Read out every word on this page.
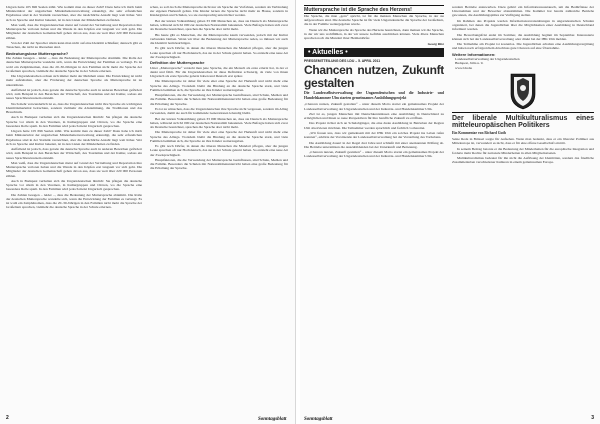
Ungarn hatte 105 696 Seelen zählt. Wie kommt man zu dieser Zahl? Dazu habe ich mich beim Ministerialrat der ungarischen Minderheitenverwaltung erkundigt, die sehr erfreulichen Ergebnisse sind in der Statistik verzeichnet, aber die tatsächliche Anzahl liegt weit höher. Wer sich zu Sprache und Kultur bekennt, ist in den Listen der Minderheiten zu finden.

Man weiß, dass die Ungarndeutschen meist auf Grund der Vertreibung und Deportation ihre Muttersprache verloren haben und die Wende in den Köpfen erst langsam vor sich geht. Die Mitglieder der deutschen Gemeinschaft gehen davon aus, dass sie weit über 220 000 Personen zählen.

Von der Zahl der Sprecher allein kann man nicht auf eine Identität schließen; dennoch gibt es Tatsachen, die nicht zu übersehen sind.

Bedeutungslose Muttersprache?

Die Zahlen besagen – leider –, dass die Bedeutung der Muttersprache abnimmt. Die Rolle der deutschen Muttersprache wandelte sich, wenn die Entwicklung der Familien es verlangt. Es ist wohl ein Zeitphänomen, dass die 20–30-Jährigen in den Familien nicht mehr die Sprache der Großeltern sprechen, vielmehr die deutsche Sprache in der Schule erlernen.

Die Ungarndeutschen ordnen sich immer mehr der Mehrheit unter. Die Entwicklung ist nicht mehr aufzuhalten, aber die Förderung der deutschen Sprache als Muttersprache ist zu unterstützen.

Auffallend ist jedoch, dass gerade die deutsche Sprache auch in anderen Bereichen gefördert wird, zum Beispiel in den Bereichen der Wirtschaft, des Tourismus und der Kultur, sodass ein neues Sprachbewusstsein entsteht.

Noch mehr verwunderlich ist es, dass die Ungarndeutschen nicht ihre Sprache als wichtigstes Identitätsmerkmal betrachten, sondern vielmehr die Abstammung, die Traditionen und das Brauchtum.

Auch in Budapest verhalten sich die Ungarndeutschen ähnlich: Sie pflegen die deutsche Sprache vor allem in den Vereinen, in Kulturgruppen und Chören, wo die Sprache eine besondere Rolle spielt. In den Familien wird jedoch meist Ungarisch gesprochen.

Ungarn hatte 105 696 Seelen zählt. Wie kommt man zu dieser Zahl? Dazu habe ich mich beim Ministerialrat der ungarischen Minderheitenverwaltung erkundigt, die sehr erfreulichen Ergebnisse sind in der Statistik verzeichnet, aber die tatsächliche Anzahl liegt weit höher. Wer sich zu Sprache und Kultur bekennt, ist in den Listen der Minderheiten zu finden.

Auffallend ist jedoch, dass gerade die deutsche Sprache auch in anderen Bereichen gefördert wird, zum Beispiel in den Bereichen der Wirtschaft, des Tourismus und der Kultur, sodass ein neues Sprachbewusstsein entsteht.

Man weiß, dass die Ungarndeutschen meist auf Grund der Vertreibung und Deportation ihre Muttersprache verloren haben und die Wende in den Köpfen erst langsam vor sich geht. Die Mitglieder der deutschen Gemeinschaft gehen davon aus, dass sie weit über 220 000 Personen zählen.

Auch in Budapest verhalten sich die Ungarndeutschen ähnlich: Sie pflegen die deutsche Sprache vor allem in den Vereinen, in Kulturgruppen und Chören, wo die Sprache eine besondere Rolle spielt. In den Familien wird jedoch meist Ungarisch gesprochen.

Die Zahlen besagen – leider –, dass die Bedeutung der Muttersprache abnimmt. Die Rolle der deutschen Muttersprache wandelte sich, wenn die Entwicklung der Familien es verlangt. Es ist wohl ein Zeitphänomen, dass die 20–30-Jährigen in den Familien nicht mehr die Sprache der Großeltern sprechen, vielmehr die deutsche Sprache in der Schule erlernen.

schen, so soll doch die Muttersprache nicht nur als Sprache der Vorfahren, sondern als Verbindung zur eigenen Herkunft gelten. Die Kinder lernen die Sprache nicht mehr zu Hause, sondern in Kindergärten und Schulen, wo sie zweisprachig unterrichtet werden.

Bei der letzten Volkszählung gaben 33 000 Menschen an, dass sie Deutsch als Muttersprache haben, während sich 62 000 zur deutschen Nationalität bekannten. Viele Befragte haben sich zwar als Deutsche bezeichnet, sprechen die Sprache aber nicht mehr.

Bis heute gibt es Menschen, die die Muttersprache kaum verwenden, jedoch mit der Kultur verbunden bleiben. Wenn wir über die Bedeutung der Muttersprache reden, so müssen wir auch die Identität berücksichtigen.

Es gibt noch Dörfer, in denen die älteren Menschen die Mundart pflegen, aber die jungen Leute sprechen oft nur Hochdeutsch, das sie in der Schule gelernt haben. So entsteht eine neue Art der Zweisprachigkeit.

Definition der Muttersprache

Unter „Muttersprache“ versteht man jene Sprache, die ein Mensch als erste erlernt hat, in der er denkt und fühlt. Für die Ungarndeutschen ist diese Definition schwierig, da viele von ihnen Ungarisch als erste Sprache gelernt haben und Deutsch erst später.

Die Muttersprache ist daher für viele eher eine Sprache der Herkunft und nicht mehr eine Sprache des Alltags. Trotzdem bleibt die Bindung an die deutsche Sprache stark, und viele Familien bemühen sich, die Sprache an ihre Kinder weiterzugeben.

Hauptfaktoren, die die Verwendung der Muttersprache beeinflussen, sind Schule, Medien und die Familie. Besonders die Schulen mit Nationalitätenunterricht haben eine große Bedeutung für die Erhaltung der Sprache.

Es ist zu wünschen, dass die Ungarndeutschen ihre Sprache nicht vergessen, sondern im Alltag verwenden, damit sie auch für kommende Generationen lebendig bleibt.

Bei der letzten Volkszählung gaben 33 000 Menschen an, dass sie Deutsch als Muttersprache haben, während sich 62 000 zur deutschen Nationalität bekannten. Viele Befragte haben sich zwar als Deutsche bezeichnet, sprechen die Sprache aber nicht mehr.

Die Muttersprache ist daher für viele eher eine Sprache der Herkunft und nicht mehr eine Sprache des Alltags. Trotzdem bleibt die Bindung an die deutsche Sprache stark, und viele Familien bemühen sich, die Sprache an ihre Kinder weiterzugeben.

Es gibt noch Dörfer, in denen die älteren Menschen die Mundart pflegen, aber die jungen Leute sprechen oft nur Hochdeutsch, das sie in der Schule gelernt haben. So entsteht eine neue Art der Zweisprachigkeit.

Hauptfaktoren, die die Verwendung der Muttersprache beeinflussen, sind Schule, Medien und die Familie. Besonders die Schulen mit Nationalitätenunterricht haben eine große Bedeutung für die Erhaltung der Sprache.

2	Sonntagsblatt
Muttersprache ist die Sprache des Herzens!

Die Sprache, die man „gern“ spricht, ist für die meisten Menschen die Sprache, in der sie aufgewachsen sind. Die deutsche Sprache ist für viele Ungarndeutsche die Sprache der Großeltern, die in der Familie weitergegeben wurde.

Wenn wir die Muttersprache als Sprache des Herzens bezeichnen, dann meinen wir die Sprache, in der wir uns wohlfühlen, in der wir unsere Gefühle ausdrücken können. Viele ältere Menschen sprechen noch die Mundart ihrer Heimatdörfer.

Georg Ritz
• Aktuelles •
PRESSEMITTEILUNG DES LDU – 5. APRIL 2011
Chancen nutzen, Zukunft gestalten
Die Landesselbstverwaltung der Ungarndeutschen und die Industrie- und Handelskammer Ulm starten gemeinsames Ausbildungsprojekt

„Chancen nutzen, Zukunft gestalten“ – unter diesem Motto startet ein gemeinsames Projekt der Landesselbstverwaltung der Ungarndeutschen und der Industrie- und Handelskammer Ulm.

Ziel ist es, jungen Menschen mit Deutschkenntnissen eine Ausbildung in Deutschland zu ermöglichen und ihnen so neue Perspektiven für ihre berufliche Zukunft zu eröffnen.

Das Projekt richtet sich an Schulabgänger, die eine duale Ausbildung in Betrieben der Region Ulm absolvieren möchten. Die Teilnehmer werden sprachlich und fachlich vorbereitet.

„Wir freuen uns, dass wir gemeinsam mit der IHK Ulm ein solches Projekt ins Leben rufen konnten“, erklärte der Vorsitzende der Landesselbstverwaltung bei der Vorstellung des Vorhabens.

Die Ausbildung dauert in der Regel drei Jahre und schließt mit einer anerkannten Prüfung ab. Die Betriebe unterstützen die Auszubildenden bei der Unterkunft und Betreuung.

„Chancen nutzen, Zukunft gestalten“ – unter diesem Motto startet ein gemeinsames Projekt der Landesselbstverwaltung der Ungarndeutschen und der Industrie- und Handelskammer Ulm.

sondern Betriebe anzuwerben. Dazu gehört ein Informationsaustausch, um die Bedürfnisse der Unternehmen und der Bewerber abzustimmen. Die Kammer hat bereits zahlreiche Betriebe gewonnen, die Ausbildungsplätze zur Verfügung stellen.

Im Rahmen des Projekts werden Informationsveranstaltungen in ungarndeutschen Schulen organisiert, bei denen die Jugendlichen über die Möglichkeiten einer Ausbildung in Deutschland informiert werden.

Die Bewerbungsfrist endet im Sommer, die Ausbildung beginnt im September. Interessierte können sich bei der Landesselbstverwaltung oder direkt bei der IHK Ulm melden.

Die Teilnahme am Projekt ist kostenlos. Die Jugendlichen erhalten eine Ausbildungsvergütung und haben nach erfolgreichem Abschluss gute Chancen auf eine Übernahme.

Weitere Informationen:
Landesselbstverwaltung der Ungarndeutschen
Budapest, Júlia u. 9.
www.ldu.hu
Der liberale Multikulturalismus eines mitteleuropäischen Politikers
Ein Kommentar von Richard Guth

Seine Rede in Brüssel sorgte für Aufsehen. Wenn man bedenkt, dass er ein liberaler Politiker aus Mitteleuropa ist, verwundert es nicht, dass er für eine offene Gesellschaft eintritt.

In seinem Beitrag betonte er die Bedeutung der Minderheiten für die europäische Integration und forderte mehr Rechte für nationale Minderheiten in allen Mitgliedsstaaten.

Multikulturalismus bedeutet für ihn nicht die Auflösung der Identitäten, sondern das friedliche Zusammenleben verschiedener Kulturen in einem gemeinsamen Europa.

Sonntagsblatt	3
